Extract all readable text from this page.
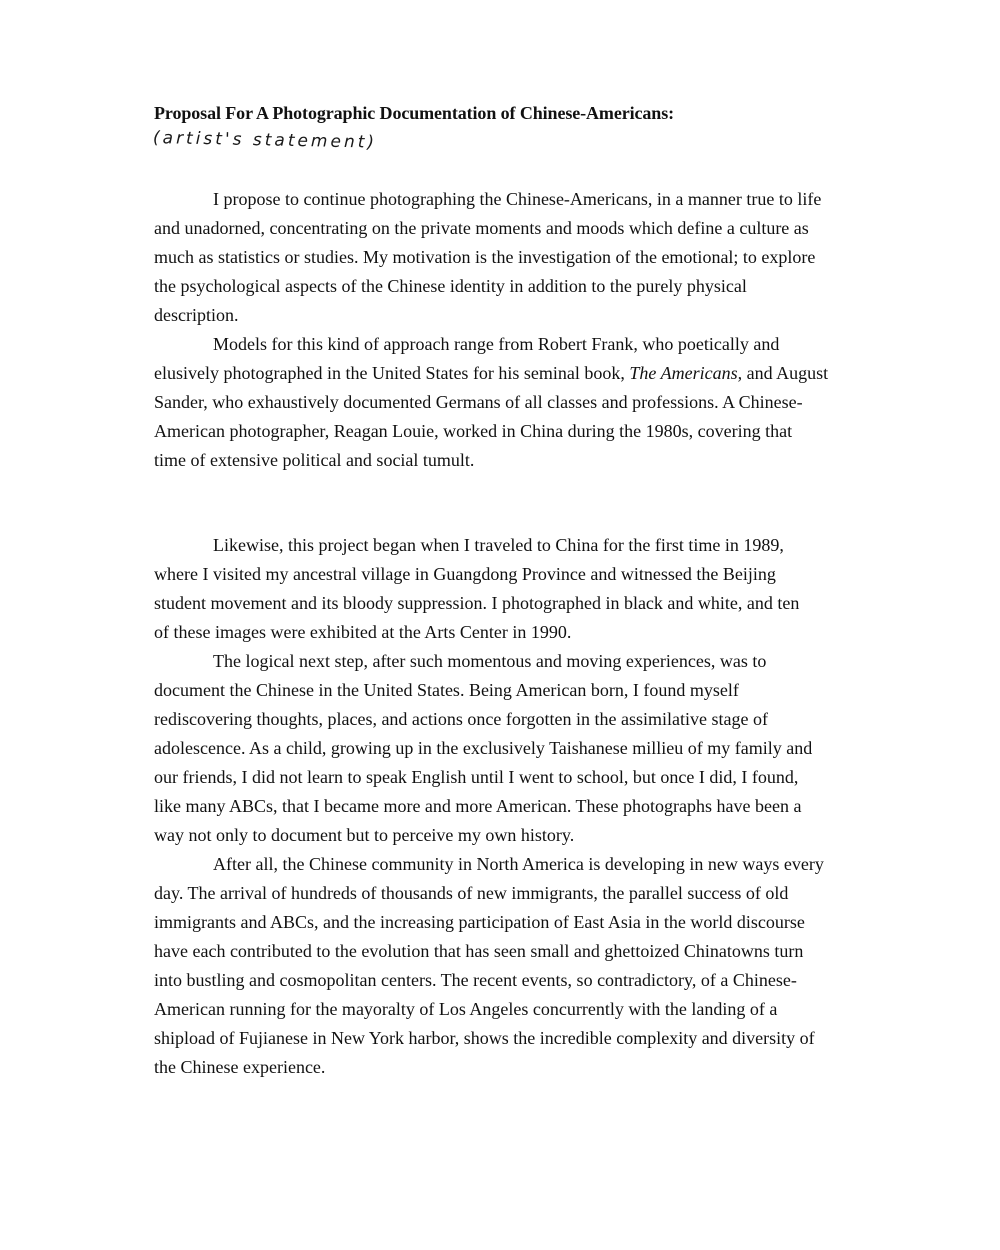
Proposal For A Photographic Documentation of Chinese-Americans:
(artist's statement)
I propose to continue photographing the Chinese-Americans, in a manner true to life
and unadorned, concentrating on the private moments and moods which define a culture as
much as statistics or studies. My motivation is the investigation of the emotional; to explore
the psychological aspects of the Chinese identity in addition to the purely physical
description.
Models for this kind of approach range from Robert Frank, who poetically and
elusively photographed in the United States for his seminal book, The Americans, and August
Sander, who exhaustively documented Germans of all classes and professions. A Chinese-
American photographer, Reagan Louie, worked in China during the 1980s, covering that
time of extensive political and social tumult.
Likewise, this project began when I traveled to China for the first time in 1989,
where I visited my ancestral village in Guangdong Province and witnessed the Beijing
student movement and its bloody suppression. I photographed in black and white, and ten
of these images were exhibited at the Arts Center in 1990.
The logical next step, after such momentous and moving experiences, was to
document the Chinese in the United States. Being American born, I found myself
rediscovering thoughts, places, and actions once forgotten in the assimilative stage of
adolescence. As a child, growing up in the exclusively Taishanese millieu of my family and
our friends, I did not learn to speak English until I went to school, but once I did, I found,
like many ABCs, that I became more and more American. These photographs have been a
way not only to document but to perceive my own history.
After all, the Chinese community in North America is developing in new ways every
day. The arrival of hundreds of thousands of new immigrants, the parallel success of old
immigrants and ABCs, and the increasing participation of East Asia in the world discourse
have each contributed to the evolution that has seen small and ghettoized Chinatowns turn
into bustling and cosmopolitan centers. The recent events, so contradictory, of a Chinese-
American running for the mayoralty of Los Angeles concurrently with the landing of a
shipload of Fujianese in New York harbor, shows the incredible complexity and diversity of
the Chinese experience.
